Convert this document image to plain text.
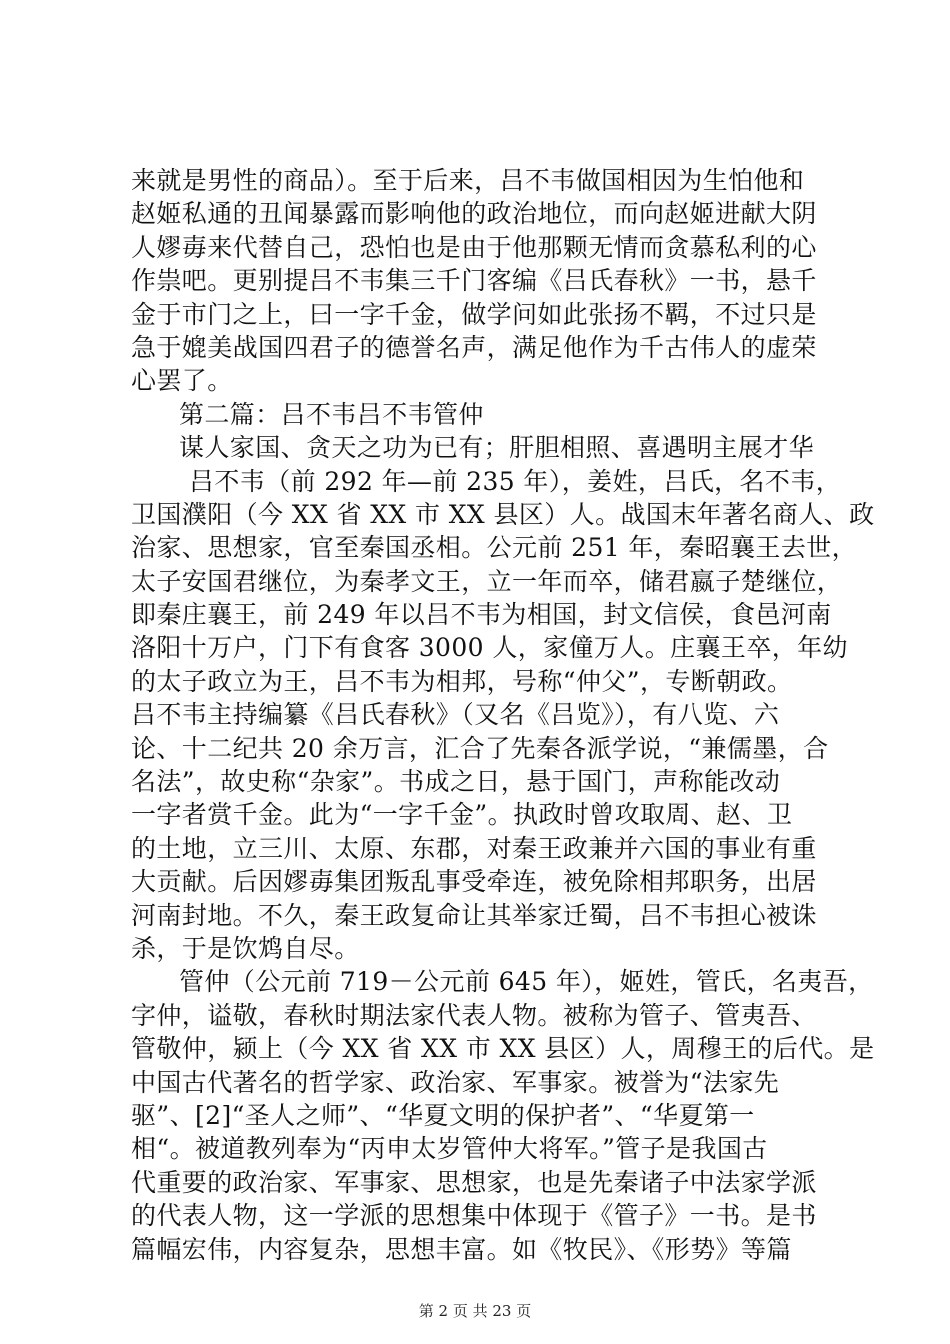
来就是男性的商品）。至于后来，吕不韦做国相因为生怕他和
赵姬私通的丑闻暴露而影响他的政治地位，而向赵姬进献大阴
人嫪毐来代替自己，恐怕也是由于他那颗无情而贪慕私利的心
作祟吧。更别提吕不韦集三千门客编《吕氏春秋》一书，悬千
金于市门之上，曰一字千金，做学问如此张扬不羁，不过只是
急于媲美战国四君子的德誉名声，满足他作为千古伟人的虚荣
心罢了。
第二篇：吕不韦吕不韦管仲
谋人家国、贪天之功为已有；肝胆相照、喜遇明主展才华
吕不韦（前 292 年—前 235 年），姜姓，吕氏，名不韦，
卫国濮阳（今 XX 省 XX 市 XX 县区）人。战国末年著名商人、政
治家、思想家，官至秦国丞相。公元前 251 年，秦昭襄王去世，
太子安国君继位，为秦孝文王，立一年而卒，储君嬴子楚继位，
即秦庄襄王，前 249 年以吕不韦为相国，封文信侯，食邑河南
洛阳十万户，门下有食客 3000 人，家僮万人。庄襄王卒，年幼
的太子政立为王，吕不韦为相邦，号称“仲父”，专断朝政。
吕不韦主持编纂《吕氏春秋》（又名《吕览》），有八览、六
论、十二纪共 20 余万言，汇合了先秦各派学说，“兼儒墨，合
名法”，故史称“杂家”。书成之日，悬于国门，声称能改动
一字者赏千金。此为“一字千金”。执政时曾攻取周、赵、卫
的土地，立三川、太原、东郡，对秦王政兼并六国的事业有重
大贡献。后因嫪毐集团叛乱事受牵连，被免除相邦职务，出居
河南封地。不久，秦王政复命让其举家迁蜀，吕不韦担心被诛
杀，于是饮鸩自尽。
管仲（公元前 719－公元前 645 年），姬姓，管氏，名夷吾，
字仲，谥敬，春秋时期法家代表人物。被称为管子、管夷吾、
管敬仲，颍上（今 XX 省 XX 市 XX 县区）人，周穆王的后代。是
中国古代著名的哲学家、政治家、军事家。被誉为“法家先
驱”、[2]“圣人之师”、“华夏文明的保护者”、“华夏第一
相“。被道教列奉为“丙申太岁管仲大将军。”管子是我国古
代重要的政治家、军事家、思想家，也是先秦诸子中法家学派
的代表人物，这一学派的思想集中体现于《管子》一书。是书
篇幅宏伟，内容复杂，思想丰富。如《牧民》、《形势》等篇
第 2 页 共 23 页
